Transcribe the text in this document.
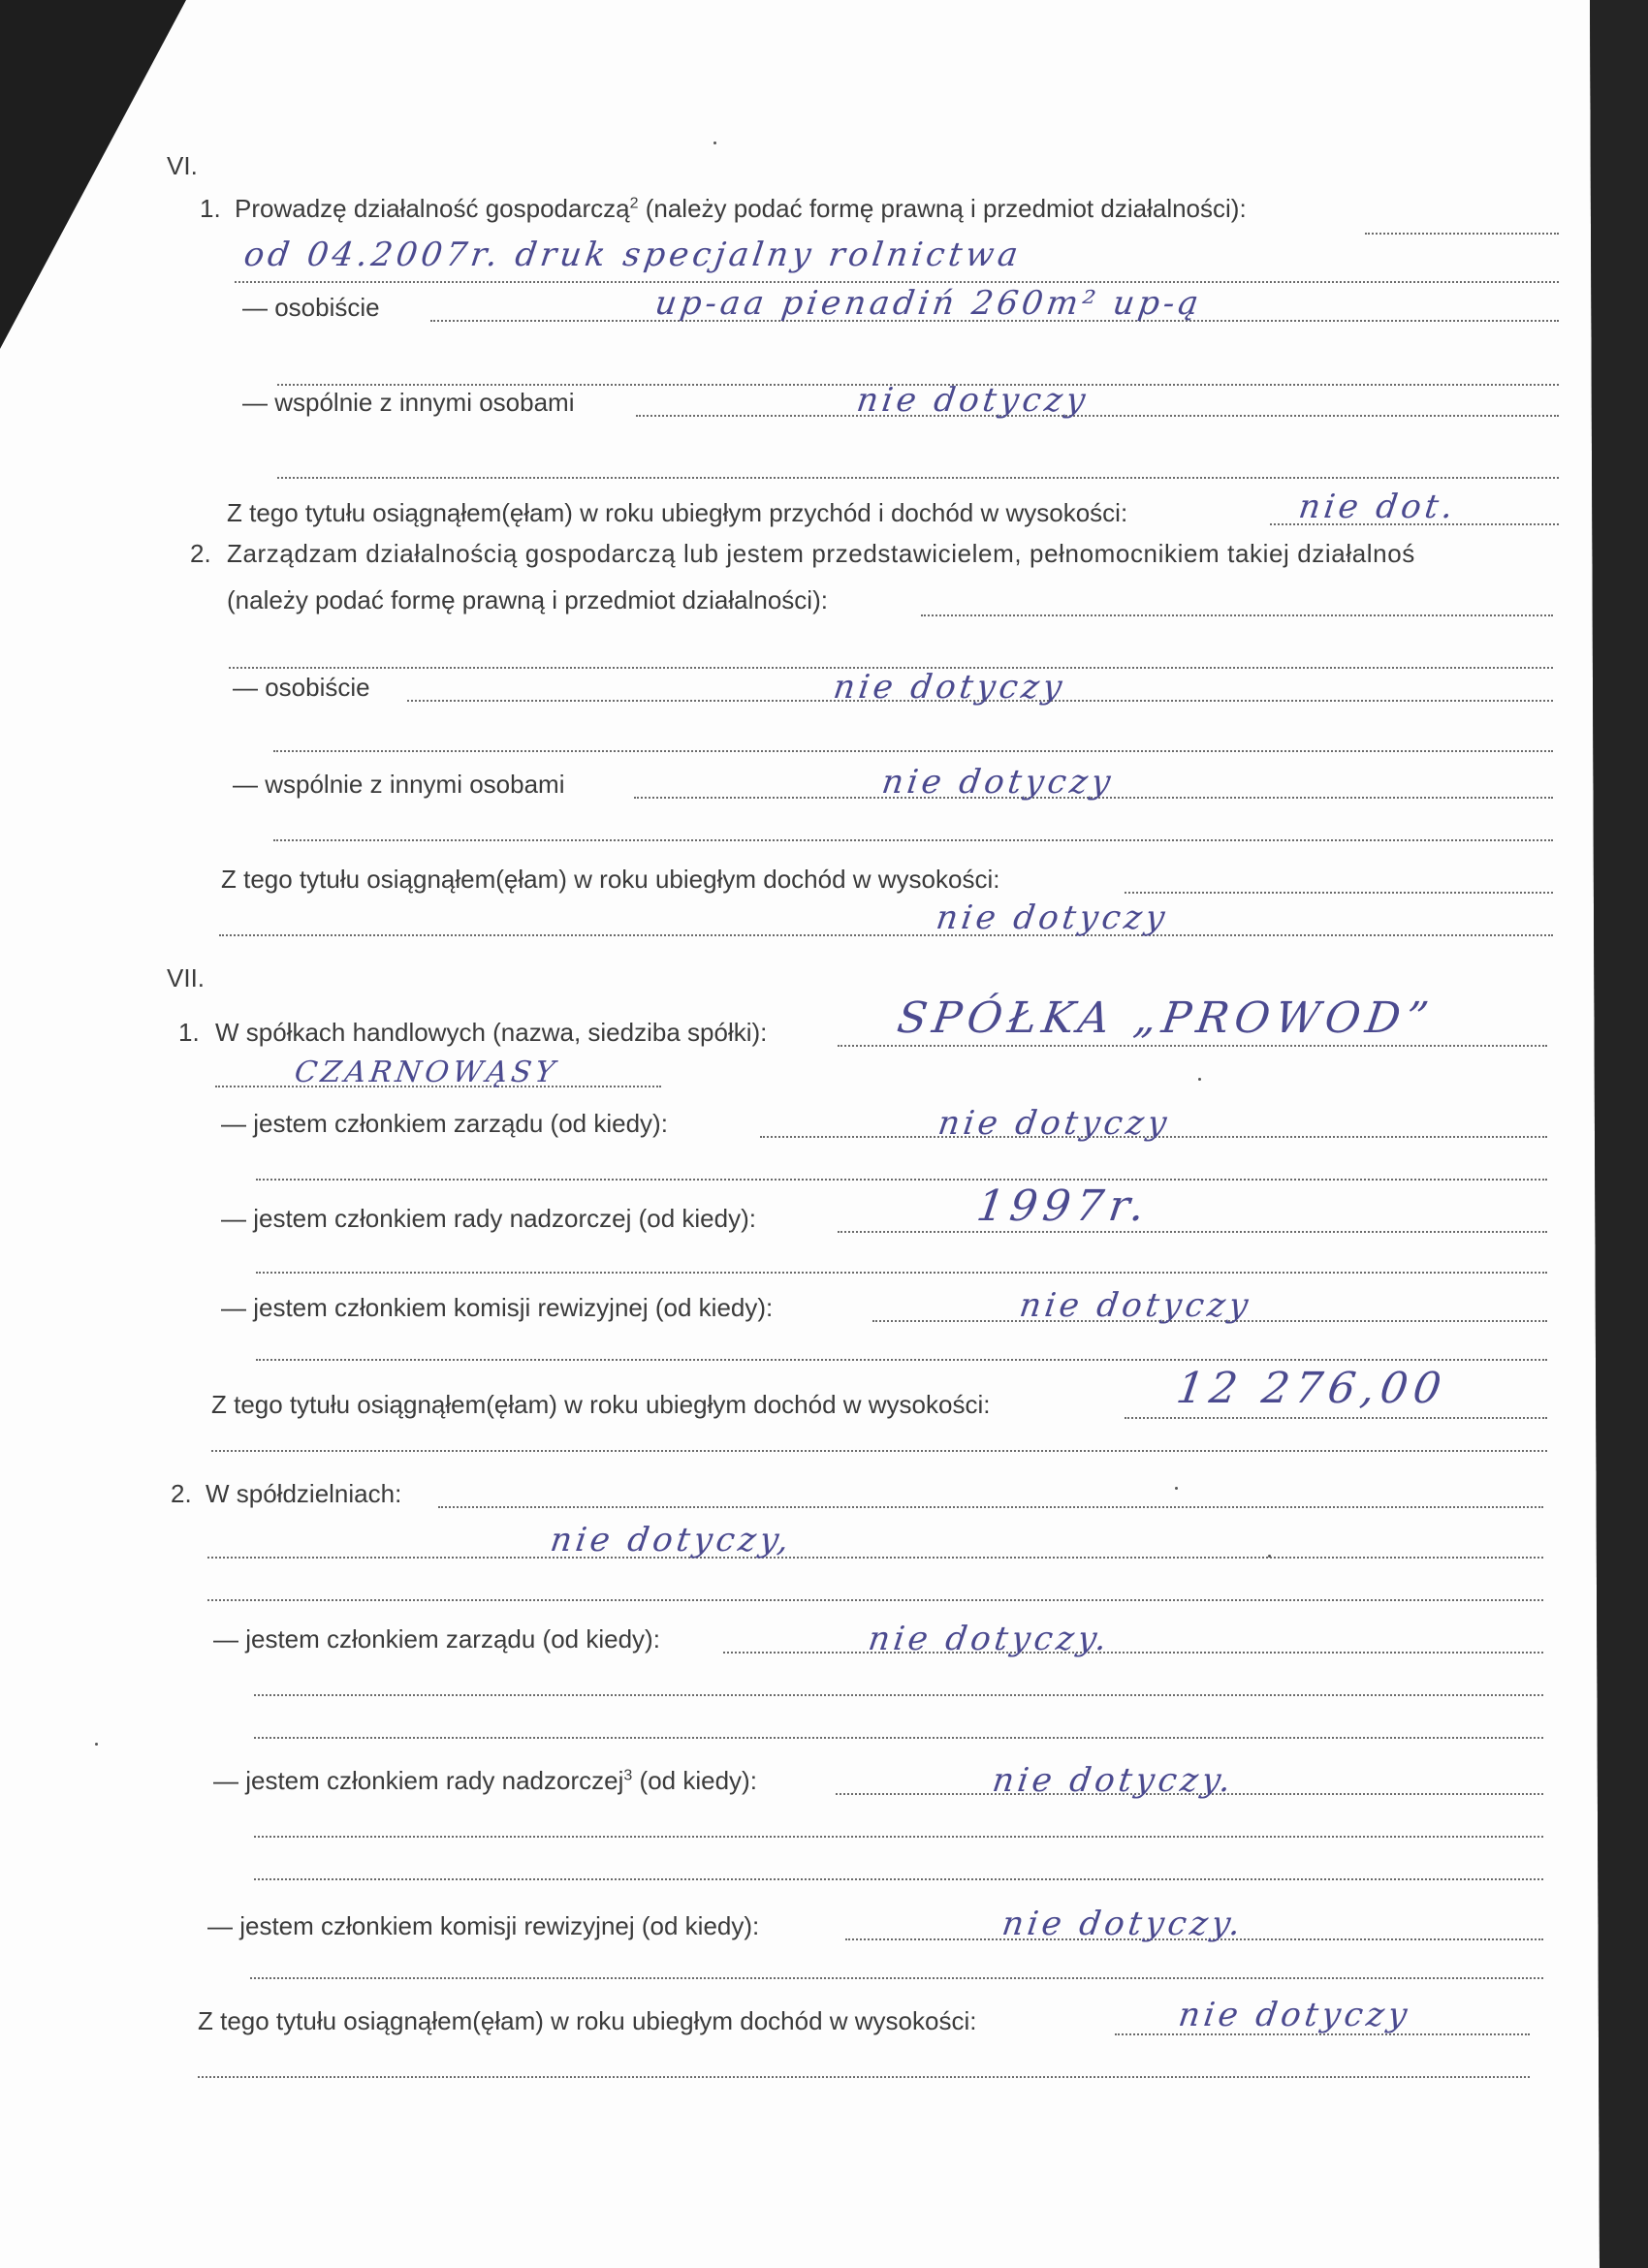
VI.
1. Prowadzę działalność gospodarczą$^2$ (należy podać formę prawną i przedmiot działalności):
od 04.2007r. druk specjalny rolnictwa
— osobiście	up-aa pienadiń 260m² up-ą
— wspólnie z innymi osobami	nie dotyczy
Z tego tytułu osiągnąłem(ęłam) w roku ubiegłym przychód i dochód w wysokości:	nie dot.
2. Zarządzam działalnością gospodarczą lub jestem przedstawicielem, pełnomocnikiem takiej działalnoś
(należy podać formę prawną i przedmiot działalności):
— osobiście	nie dotyczy
— wspólnie z innymi osobami	nie dotyczy
Z tego tytułu osiągnąłem(ęłam) w roku ubiegłym dochód w wysokości:
nie dotyczy
VII.
1. W spółkach handlowych (nazwa, siedziba spółki):	SPÓŁKA „PROWOD”
CZARNOWĄSY
— jestem członkiem zarządu (od kiedy):	nie dotyczy
— jestem członkiem rady nadzorczej (od kiedy):	1997r.
— jestem członkiem komisji rewizyjnej (od kiedy):	nie dotyczy
Z tego tytułu osiągnąłem(ęłam) w roku ubiegłym dochód w wysokości:	12 276,00
2. W spółdzielniach:
nie dotyczy,
— jestem członkiem zarządu (od kiedy):	nie dotyczy.
— jestem członkiem rady nadzorczej$^3$ (od kiedy):	nie dotyczy.
— jestem członkiem komisji rewizyjnej (od kiedy):	nie dotyczy.
Z tego tytułu osiągnąłem(ęłam) w roku ubiegłym dochód w wysokości:	nie dotyczy
